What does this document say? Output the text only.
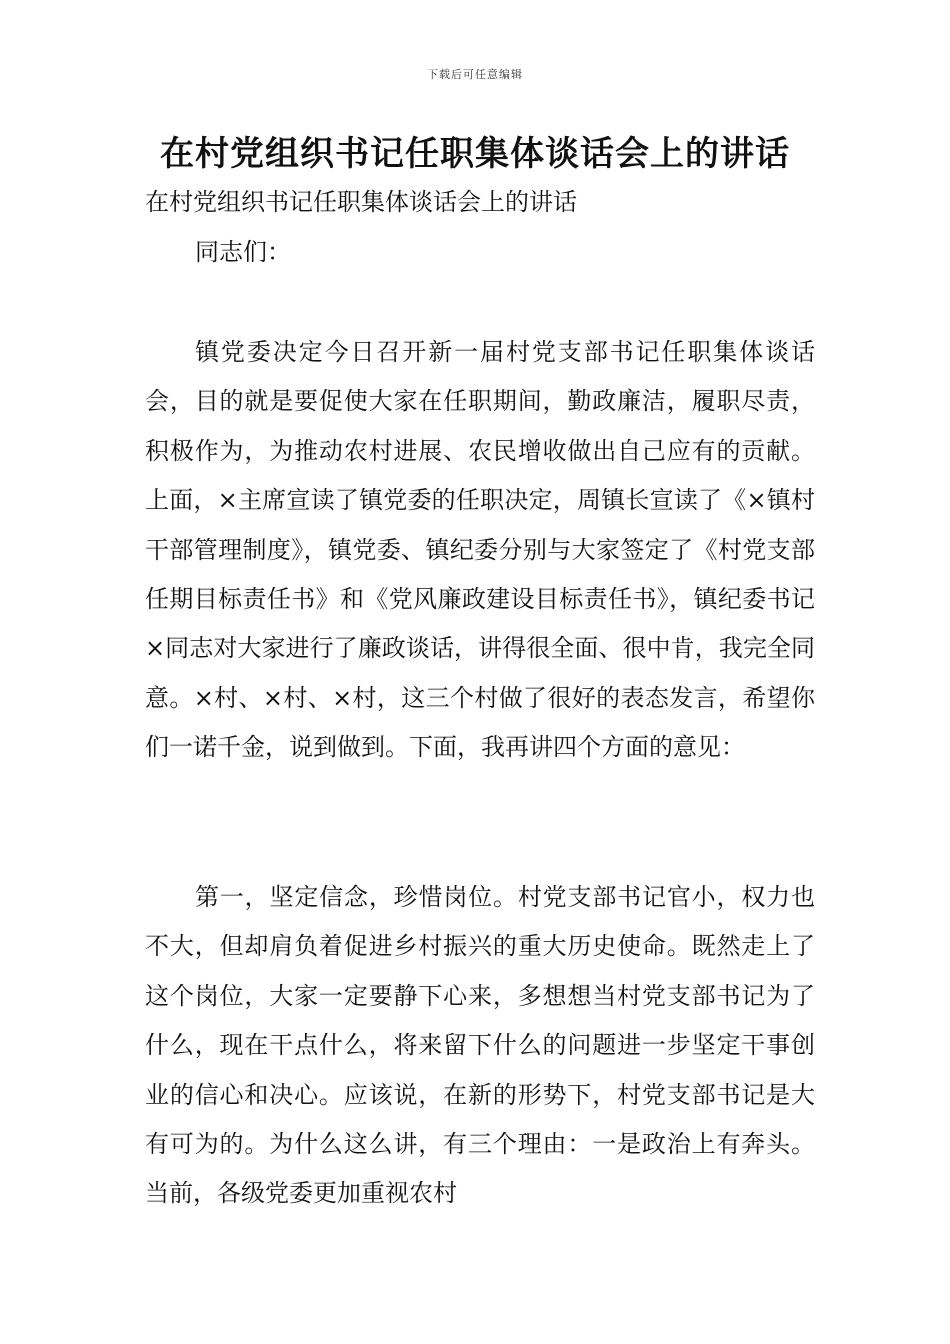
下载后可任意编辑
在村党组织书记任职集体谈话会上的讲话

在村党组织书记任职集体谈话会上的讲话

同志们：

镇党委决定今日召开新一届村党支部书记任职集体谈话会，目的就是要促使大家在任职期间，勤政廉洁，履职尽责，积极作为，为推动农村进展、农民增收做出自己应有的贡献。上面，×主席宣读了镇党委的任职决定，周镇长宣读了《×镇村干部管理制度》，镇党委、镇纪委分别与大家签定了《村党支部任期目标责任书》和《党风廉政建设目标责任书》，镇纪委书记×同志对大家进行了廉政谈话，讲得很全面、很中肯，我完全同意。×村、×村、×村，这三个村做了很好的表态发言，希望你们一诺千金，说到做到。下面，我再讲四个方面的意见：

第一，坚定信念，珍惜岗位。村党支部书记官小，权力也不大，但却肩负着促进乡村振兴的重大历史使命。既然走上了这个岗位，大家一定要静下心来，多想想当村党支部书记为了什么，现在干点什么，将来留下什么的问题进一步坚定干事创业的信心和决心。应该说，在新的形势下，村党支部书记是大有可为的。为什么这么讲，有三个理由：一是政治上有奔头。当前，各级党委更加重视农村
